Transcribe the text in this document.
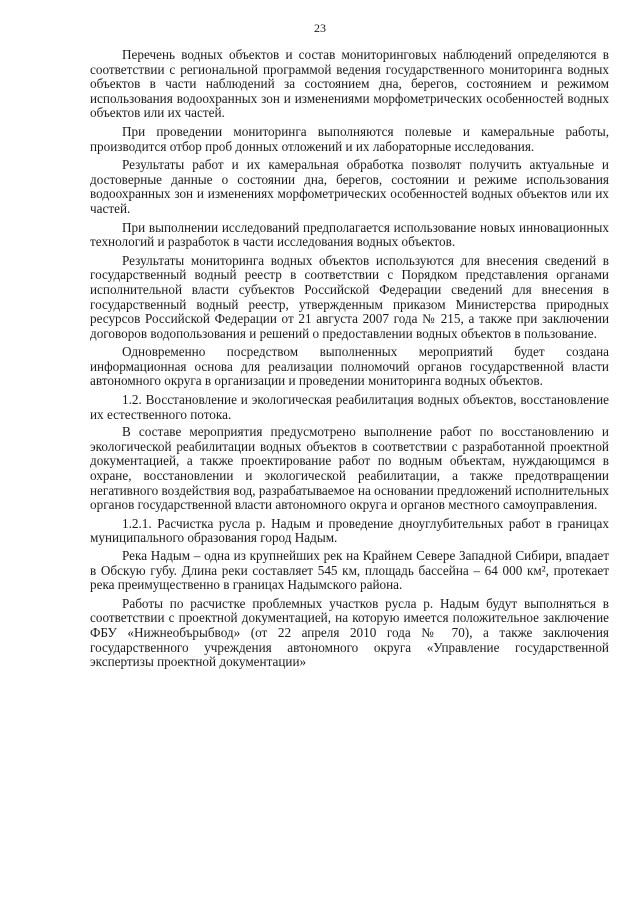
23

Перечень водных объектов и состав мониторинговых наблюдений определяются в соответствии с региональной программой ведения государственного мониторинга водных объектов в части наблюдений за состоянием дна, берегов, состоянием и режимом использования водоохранных зон и изменениями морфометрических особенностей водных объектов или их частей.

При проведении мониторинга выполняются полевые и камеральные работы, производится отбор проб донных отложений и их лабораторные исследования.

Результаты работ и их камеральная обработка позволят получить актуальные и достоверные данные о состоянии дна, берегов, состоянии и режиме использования водоохранных зон и изменениях морфометрических особенностей водных объектов или их частей.

При выполнении исследований предполагается использование новых инновационных технологий и разработок в части исследования водных объектов.

Результаты мониторинга водных объектов используются для внесения сведений в государственный водный реестр в соответствии с Порядком представления органами исполнительной власти субъектов Российской Федерации сведений для внесения в государственный водный реестр, утвержденным приказом Министерства природных ресурсов Российской Федерации от 21 августа 2007 года № 215, а также при заключении договоров водопользования и решений о предоставлении водных объектов в пользование.

Одновременно посредством выполненных мероприятий будет создана информационная основа для реализации полномочий органов государственной власти автономного округа в организации и проведении мониторинга водных объектов.

1.2. Восстановление и экологическая реабилитация водных объектов, восстановление их естественного потока.

В составе мероприятия предусмотрено выполнение работ по восстановлению и экологической реабилитации водных объектов в соответствии с разработанной проектной документацией, а также проектирование работ по водным объектам, нуждающимся в охране, восстановлении и экологической реабилитации, а также предотвращении негативного воздействия вод, разрабатываемое на основании предложений исполнительных органов государственной власти автономного округа и органов местного самоуправления.

1.2.1. Расчистка русла р. Надым и проведение дноуглубительных работ в границах муниципального образования город Надым.

Река Надым – одна из крупнейших рек на Крайнем Севере Западной Сибири, впадает в Обскую губу. Длина реки составляет 545 км, площадь бассейна – 64 000 км², протекает река преимущественно в границах Надымского района.

Работы по расчистке проблемных участков русла р. Надым будут выполняться в соответствии с проектной документацией, на которую имеется положительное заключение ФБУ «Нижнеобърыбвод» (от 22 апреля 2010 года № 70), а также заключения государственного учреждения автономного округа «Управление государственной экспертизы проектной документации»
